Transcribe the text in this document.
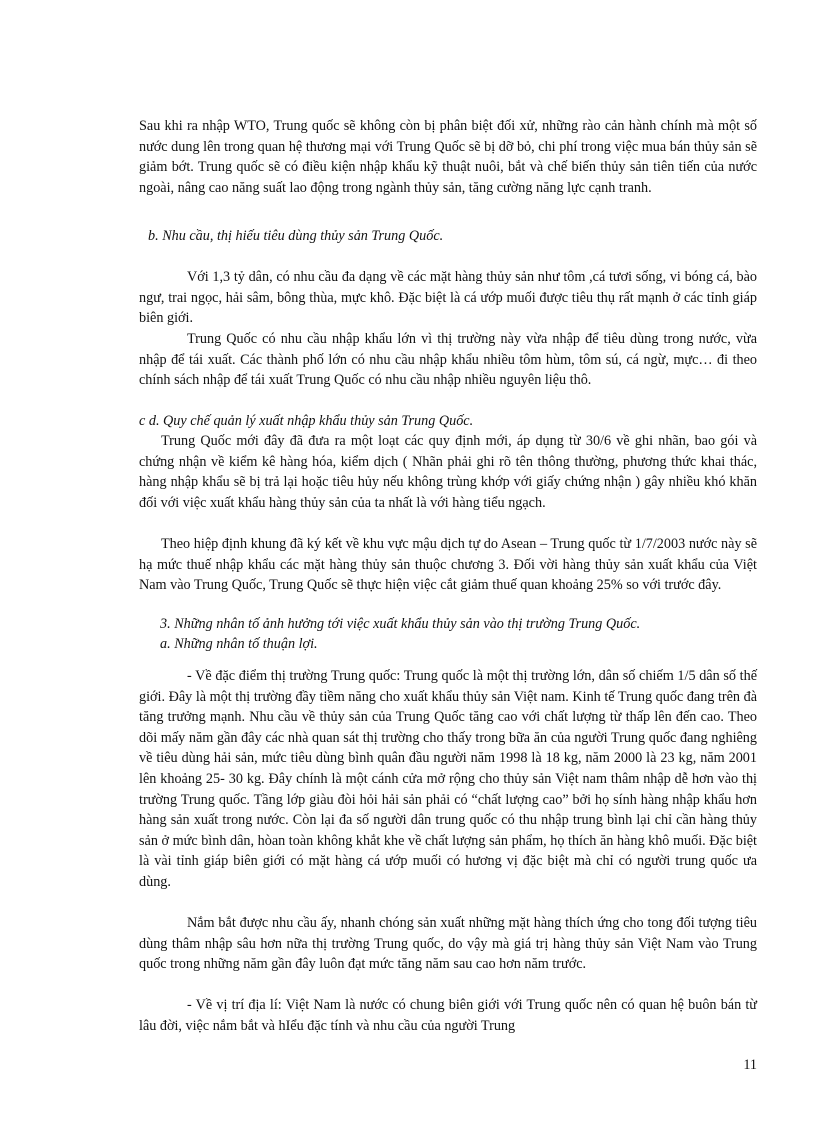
Sau khi ra nhập WTO, Trung quốc sẽ không còn bị phân biệt đối xử, những rào cản hành chính mà một số nước dung lên trong quan hệ thương mại với Trung Quốc sẽ bị dỡ bỏ, chi phí trong việc mua bán thủy sản sẽ giảm bớt. Trung quốc sẽ có điều kiện nhập khẩu kỹ thuật nuôi, bắt và chế biến thủy sản tiên tiến của nước ngoài, nâng cao năng suất lao động trong ngành thủy sản, tăng cường năng lực cạnh tranh.

b. Nhu cầu, thị hiếu tiêu dùng thủy sản Trung Quốc.

Với 1,3 tỷ dân, có nhu cầu đa dạng về các mặt hàng thủy sản như tôm ,cá tươi sống, vi bóng cá, bào ngư, trai ngọc, hải sâm, bông thùa, mực khô. Đặc biệt là cá ướp muối được tiêu thụ rất mạnh ở các tỉnh giáp biên giới.

Trung Quốc có nhu cầu nhập khẩu lớn vì thị trường này vừa nhập để tiêu dùng trong nước, vừa nhập để tái xuất. Các thành phố lớn có nhu cầu nhập khẩu nhiều tôm hùm, tôm sú, cá ngừ, mực… đi theo chính sách nhập để tái xuất Trung Quốc có nhu cầu nhập nhiều nguyên liệu thô.

c d. Quy chế quản lý xuất nhập khẩu thủy sản Trung Quốc.

Trung Quốc mới đây đã đưa ra một loạt các quy định mới, áp dụng từ 30/6 về ghi nhãn, bao gói và chứng nhận về kiểm kê hàng hóa, kiểm dịch ( Nhãn phải ghi rõ tên thông thường, phương thức khai thác, hàng nhập khẩu sẽ bị trả lại hoặc tiêu hủy nếu không trùng khớp với giấy chứng nhận ) gây nhiều khó khăn đối với việc xuất khẩu hàng thủy sản của ta nhất là với hàng tiểu ngạch.

Theo hiệp định khung đã ký kết về khu vực mậu dịch tự do Asean – Trung quốc từ 1/7/2003 nước này sẽ hạ mức thuế nhập khẩu các mặt hàng thủy sản thuộc chương 3. Đối vời hàng thủy sản xuất khẩu của Việt Nam vào Trung Quốc, Trung Quốc sẽ thực hiện việc cắt giảm thuế quan khoảng 25% so với trước đây.

3. Những nhân tố ảnh hưởng tới việc xuất khẩu thủy sản vào thị trường Trung Quốc.

a. Những nhân tố thuận lợi.

- Về đặc điểm thị trường Trung quốc: Trung quốc là một thị trường lớn, dân số chiếm 1/5 dân số thế giới. Đây là một thị trường đầy tiềm năng cho xuất khẩu thủy sản Việt nam. Kinh tế Trung quốc đang trên đà tăng trưởng mạnh. Nhu cầu về thủy sản của Trung Quốc tăng cao với chất lượng từ thấp lên đến cao. Theo dõi mấy năm gần đây các nhà quan sát thị trường cho thấy trong bữa ăn của người Trung quốc đang nghiêng về tiêu dùng hải sản, mức tiêu dùng bình quân đầu người năm 1998 là 18 kg, năm 2000 là 23 kg, năm 2001 lên khoảng 25- 30 kg. Đây chính là một cánh cửa mở rộng cho thủy sản Việt nam thâm nhập dễ hơn vào thị trường Trung quốc. Tầng lớp giàu đòi hỏi hải sản phải có “chất lượng cao” bởi họ sính hàng nhập khẩu hơn hàng sản xuất trong nước. Còn lại đa số người dân trung quốc có thu nhập trung bình lại chỉ cần hàng thủy sản ở mức bình dân, hòan toàn không khắt khe về chất lượng sản phẩm, họ thích ăn hàng khô muối. Đặc biệt là vài tỉnh giáp biên giới có mặt hàng cá ướp muối có hương vị đặc biệt mà chỉ có người trung quốc ưa dùng.

Nắm bắt được nhu cầu ấy, nhanh chóng sản xuất những mặt hàng thích ứng cho tong đối tượng tiêu dùng thâm nhập sâu hơn nữa thị trường Trung quốc, do vậy mà giá trị hàng thủy sản Việt Nam vào Trung quốc trong những năm gần đây luôn đạt mức tăng năm sau cao hơn năm trước.

- Về vị trí địa lí: Việt Nam là nước có chung biên giới với Trung quốc nên có quan hệ buôn bán từ lâu đời, việc nắm bắt và hIểu đặc tính và nhu cầu của người Trung

11
